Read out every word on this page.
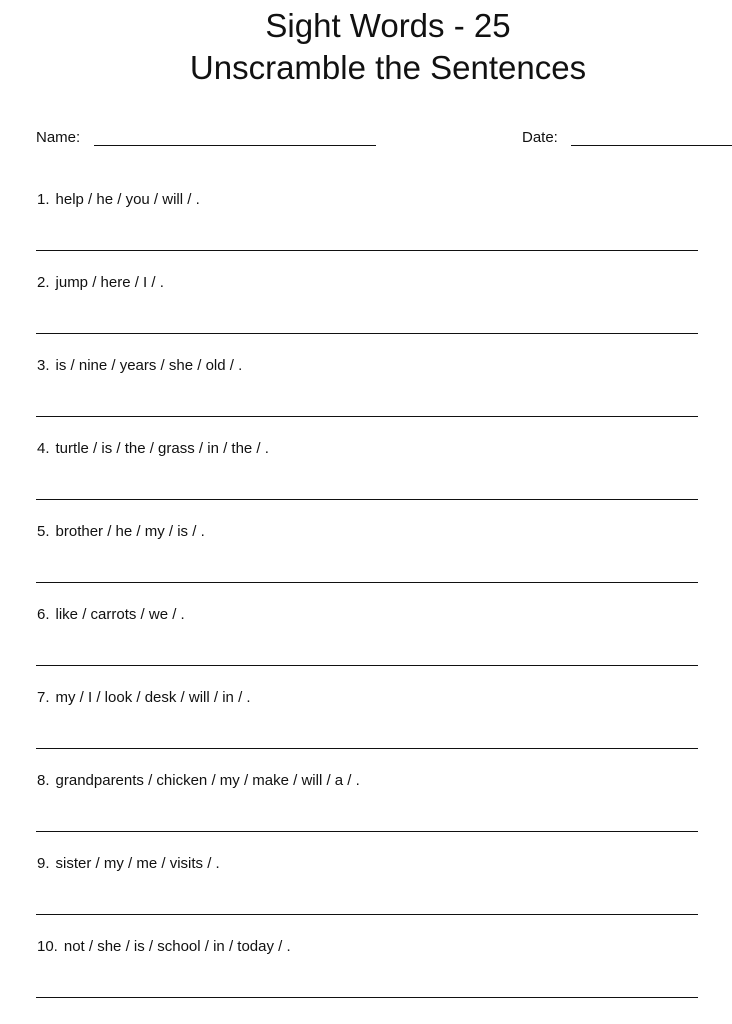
Sight Words - 25
Unscramble the Sentences
Name:	Date:
1. help / he / you / will / .
2. jump / here / I / .
3. is / nine / years / she / old / .
4. turtle / is / the / grass / in / the / .
5. brother / he / my / is / .
6. like / carrots / we / .
7. my / I / look / desk / will / in / .
8. grandparents / chicken / my / make / will / a / .
9. sister / my / me / visits / .
10. not / she / is / school / in / today / .
